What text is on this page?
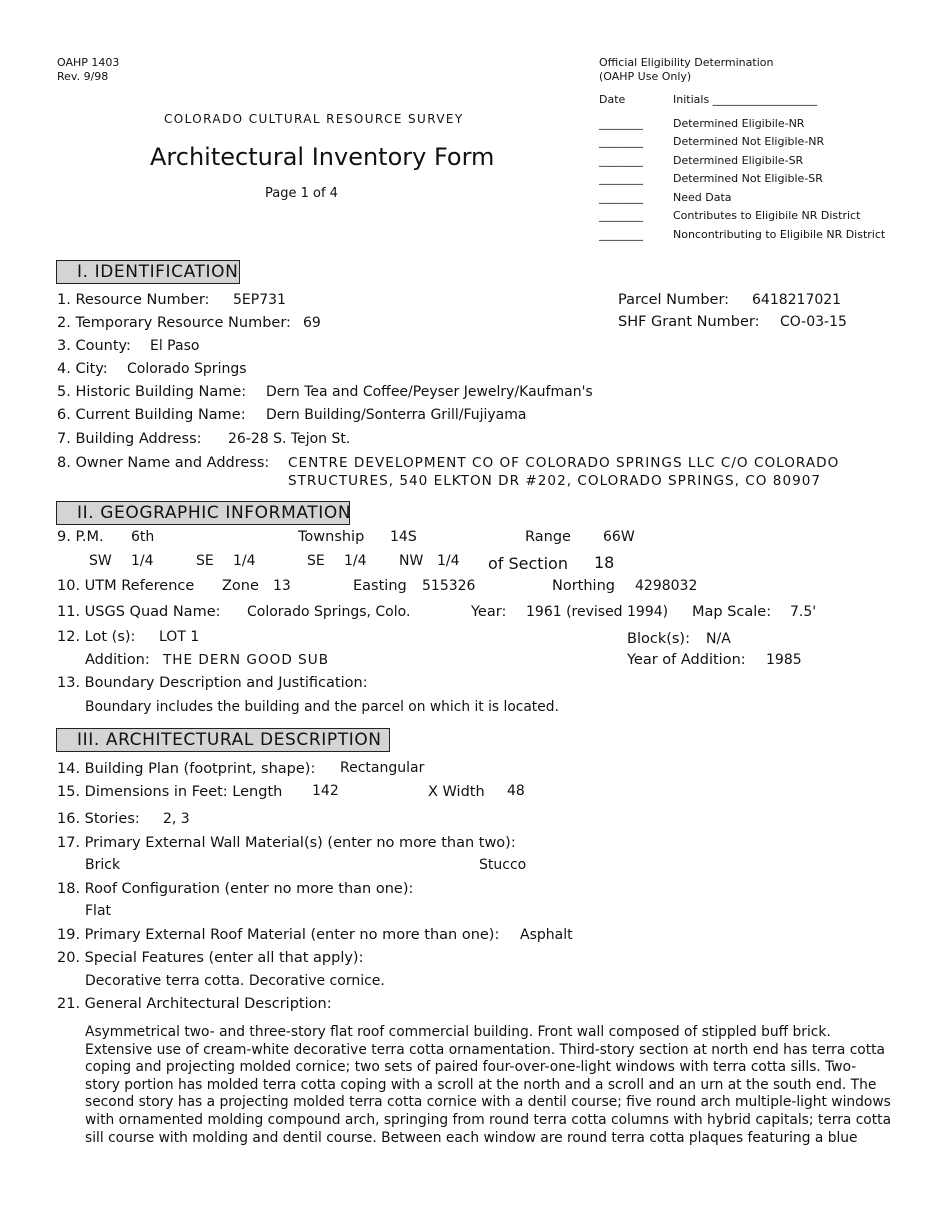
OAHP 1403
Rev. 9/98
COLORADO CULTURAL RESOURCE SURVEY
Architectural Inventory Form
Page 1 of 4
Official Eligibility Determination
(OAHP Use Only)
Date	Initials ___________________
________	Determined Eligibile-NR
________	Determined Not Eligible-NR
________	Determined Eligibile-SR
________	Determined Not Eligible-SR
________	Need Data
________	Contributes to Eligibile NR District
________	Noncontributing to Eligibile NR District
I. IDENTIFICATION
1. Resource Number: 5EP731	Parcel Number: 6418217021
2. Temporary Resource Number: 69	SHF Grant Number: CO-03-15
3. County: El Paso
4. City: Colorado Springs
5. Historic Building Name: Dern Tea and Coffee/Peyser Jewelry/Kaufman's
6. Current Building Name: Dern Building/Sonterra Grill/Fujiyama
7. Building Address: 26-28 S. Tejon St.
8. Owner Name and Address: CENTRE DEVELOPMENT CO OF COLORADO SPRINGS LLC C/O COLORADO
STRUCTURES, 540 ELKTON DR #202, COLORADO SPRINGS, CO 80907
II. GEOGRAPHIC INFORMATION
9. P.M. 6th	Township 14S	Range 66W
SW 1/4	SE 1/4	SE 1/4 NW 1/4 of Section 18
10. UTM Reference Zone 13	Easting 515326	Northing 4298032
11. USGS Quad Name: Colorado Springs, Colo.	Year: 1961 (revised 1994) Map Scale: 7.5'
12. Lot (s): LOT 1	Block(s): N/A
Addition: THE DERN GOOD SUB	Year of Addition: 1985
13. Boundary Description and Justification:
Boundary includes the building and the parcel on which it is located.
III. ARCHITECTURAL DESCRIPTION
14. Building Plan (footprint, shape): Rectangular
15. Dimensions in Feet: Length 142	X Width 48
16. Stories: 2, 3
17. Primary External Wall Material(s) (enter no more than two):
Brick	Stucco
18. Roof Configuration (enter no more than one):
Flat
19. Primary External Roof Material (enter no more than one): Asphalt
20. Special Features (enter all that apply):
Decorative terra cotta. Decorative cornice.
21. General Architectural Description:
Asymmetrical two- and three-story flat roof commercial building. Front wall composed of stippled buff brick.
Extensive use of cream-white decorative terra cotta ornamentation. Third-story section at north end has terra cotta
coping and projecting molded cornice; two sets of paired four-over-one-light windows with terra cotta sills. Two-
story portion has molded terra cotta coping with a scroll at the north and a scroll and an urn at the south end. The
second story has a projecting molded terra cotta cornice with a dentil course; five round arch multiple-light windows
with ornamented molding compound arch, springing from round terra cotta columns with hybrid capitals; terra cotta
sill course with molding and dentil course. Between each window are round terra cotta plaques featuring a blue
